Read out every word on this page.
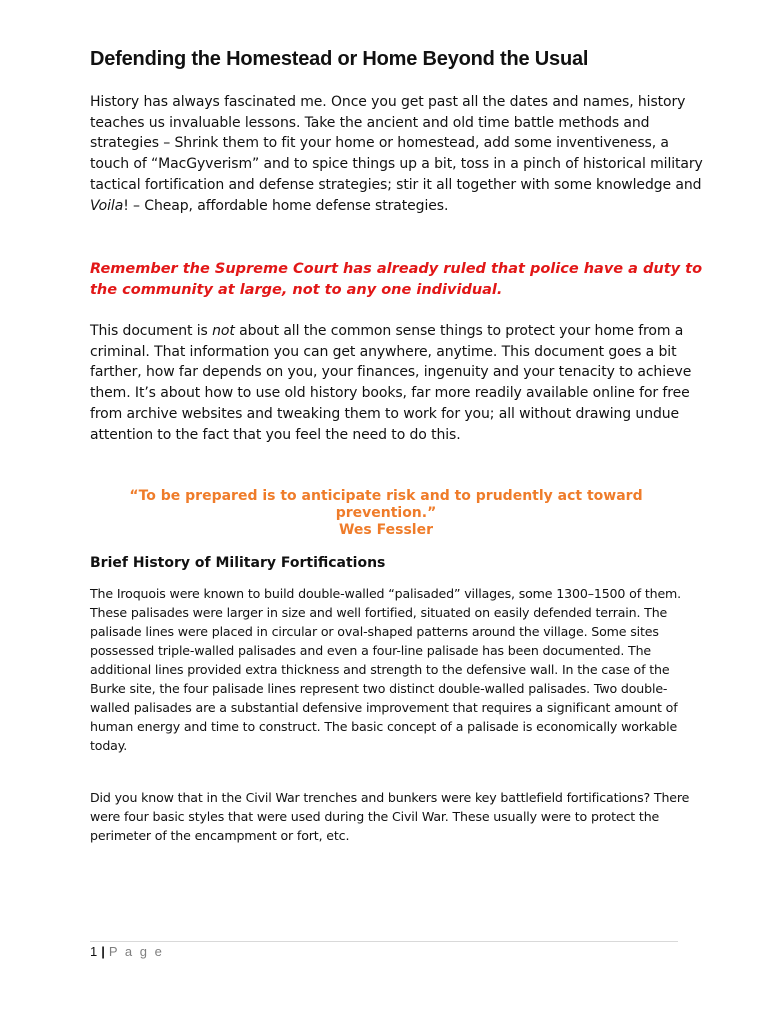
Defending the Homestead or Home Beyond the Usual

History has always fascinated me. Once you get past all the dates and names, history teaches us invaluable lessons. Take the ancient and old time battle methods and strategies – Shrink them to fit your home or homestead, add some inventiveness, a touch of “MacGyverism” and to spice things up a bit, toss in a pinch of historical military tactical fortification and defense strategies; stir it all together with some knowledge and Voila! – Cheap, affordable home defense strategies.

Remember the Supreme Court has already ruled that police have a duty to the community at large, not to any one individual.

This document is not about all the common sense things to protect your home from a criminal. That information you can get anywhere, anytime. This document goes a bit farther, how far depends on you, your finances, ingenuity and your tenacity to achieve them. It’s about how to use old history books, far more readily available online for free from archive websites and tweaking them to work for you; all without drawing undue attention to the fact that you feel the need to do this.

“To be prepared is to anticipate risk and to prudently act toward prevention.”
Wes Fessler
Brief History of Military Fortifications

The Iroquois were known to build double-walled “palisaded” villages, some 1300–1500 of them. These palisades were larger in size and well fortified, situated on easily defended terrain. The palisade lines were placed in circular or oval-shaped patterns around the village. Some sites possessed triple-walled palisades and even a four-line palisade has been documented. The additional lines provided extra thickness and strength to the defensive wall. In the case of the Burke site, the four palisade lines represent two distinct double-walled palisades. Two double-walled palisades are a substantial defensive improvement that requires a significant amount of human energy and time to construct. The basic concept of a palisade is economically workable today.

Did you know that in the Civil War trenches and bunkers were key battlefield fortifications? There were four basic styles that were used during the Civil War. These usually were to protect the perimeter of the encampment or fort, etc.

1 | P a g e
